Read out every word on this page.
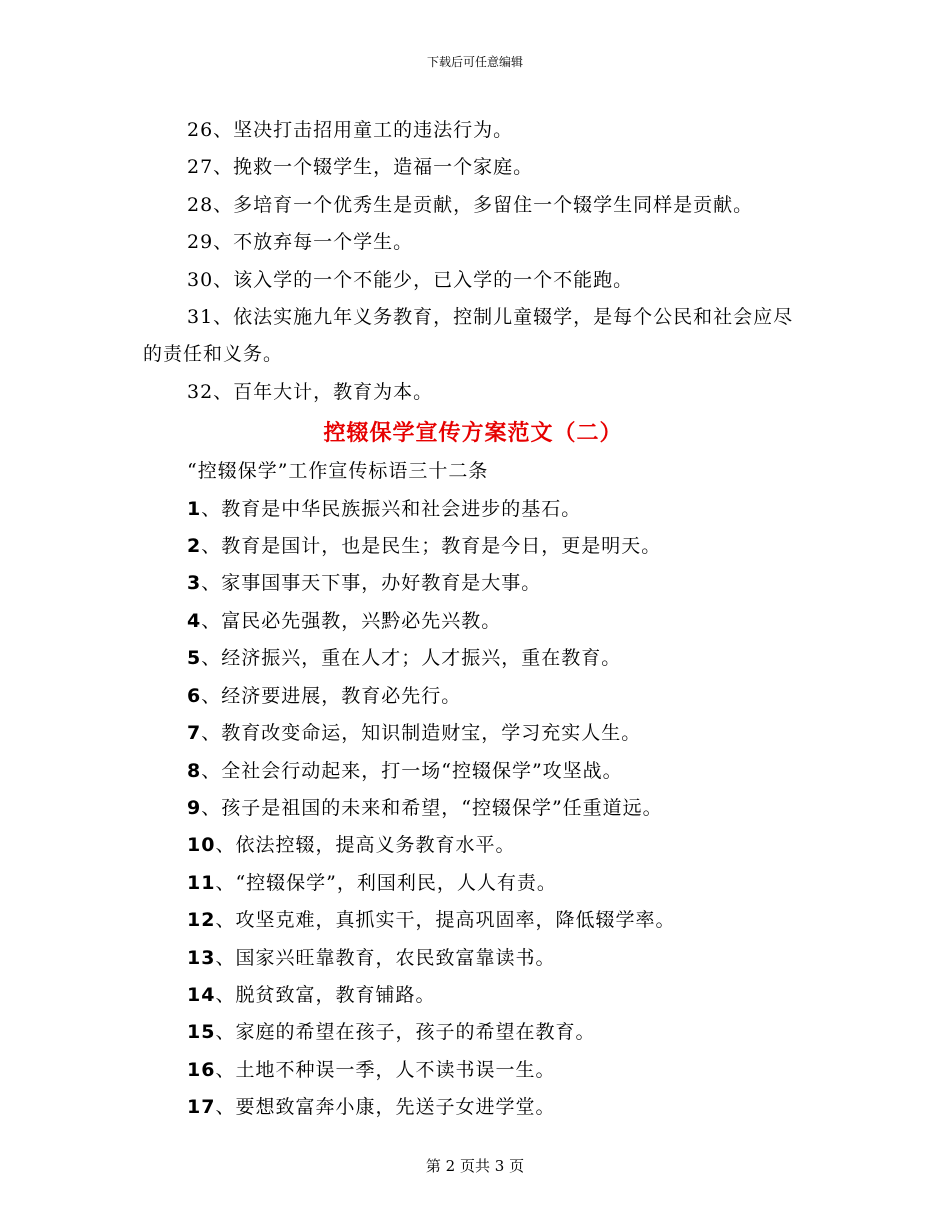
下载后可任意编辑

26、坚决打击招用童工的违法行为。

27、挽救一个辍学生，造福一个家庭。

28、多培育一个优秀生是贡献，多留住一个辍学生同样是贡献。

29、不放弃每一个学生。

30、该入学的一个不能少，已入学的一个不能跑。

31、依法实施九年义务教育，控制儿童辍学，是每个公民和社会应尽的责任和义务。

32、百年大计，教育为本。

控辍保学宣传方案范文（二）

“控辍保学”工作宣传标语三十二条

1、教育是中华民族振兴和社会进步的基石。

2、教育是国计，也是民生；教育是今日，更是明天。

3、家事国事天下事，办好教育是大事。

4、富民必先强教，兴黔必先兴教。

5、经济振兴，重在人才；人才振兴，重在教育。

6、经济要进展，教育必先行。

7、教育改变命运，知识制造财宝，学习充实人生。

8、全社会行动起来，打一场“控辍保学”攻坚战。

9、孩子是祖国的未来和希望，“控辍保学”任重道远。

10、依法控辍，提高义务教育水平。

11、“控辍保学”，利国利民，人人有责。

12、攻坚克难，真抓实干，提高巩固率，降低辍学率。

13、国家兴旺靠教育，农民致富靠读书。

14、脱贫致富，教育铺路。

15、家庭的希望在孩子，孩子的希望在教育。

16、土地不种误一季，人不读书误一生。

17、要想致富奔小康，先送子女进学堂。

第 2 页共 3 页
